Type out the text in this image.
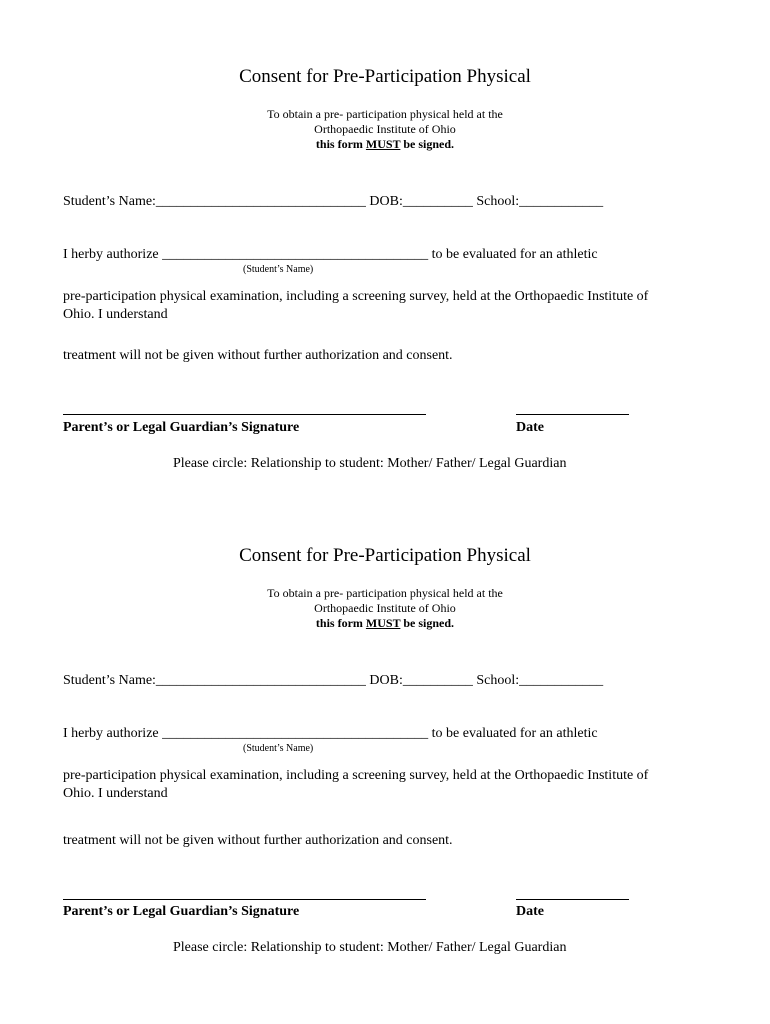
Consent for Pre-Participation Physical
To obtain a pre- participation physical held at the
Orthopaedic Institute of Ohio
this form MUST be signed.
Student’s Name:______________________________ DOB:__________ School:____________
I herby authorize ______________________________________ to be evaluated for an athletic
(Student’s Name)
pre-participation physical examination, including a screening survey, held at the Orthopaedic Institute of
Ohio. I understand
treatment will not be given without further authorization and consent.
Parent’s or Legal Guardian’s Signature	Date
Please circle: Relationship to student: Mother/ Father/ Legal Guardian
Consent for Pre-Participation Physical
To obtain a pre- participation physical held at the
Orthopaedic Institute of Ohio
this form MUST be signed.
Student’s Name:______________________________ DOB:__________ School:____________
I herby authorize ______________________________________ to be evaluated for an athletic
(Student’s Name)
pre-participation physical examination, including a screening survey, held at the Orthopaedic Institute of
Ohio. I understand
treatment will not be given without further authorization and consent.
Parent’s or Legal Guardian’s Signature	Date
Please circle: Relationship to student: Mother/ Father/ Legal Guardian
